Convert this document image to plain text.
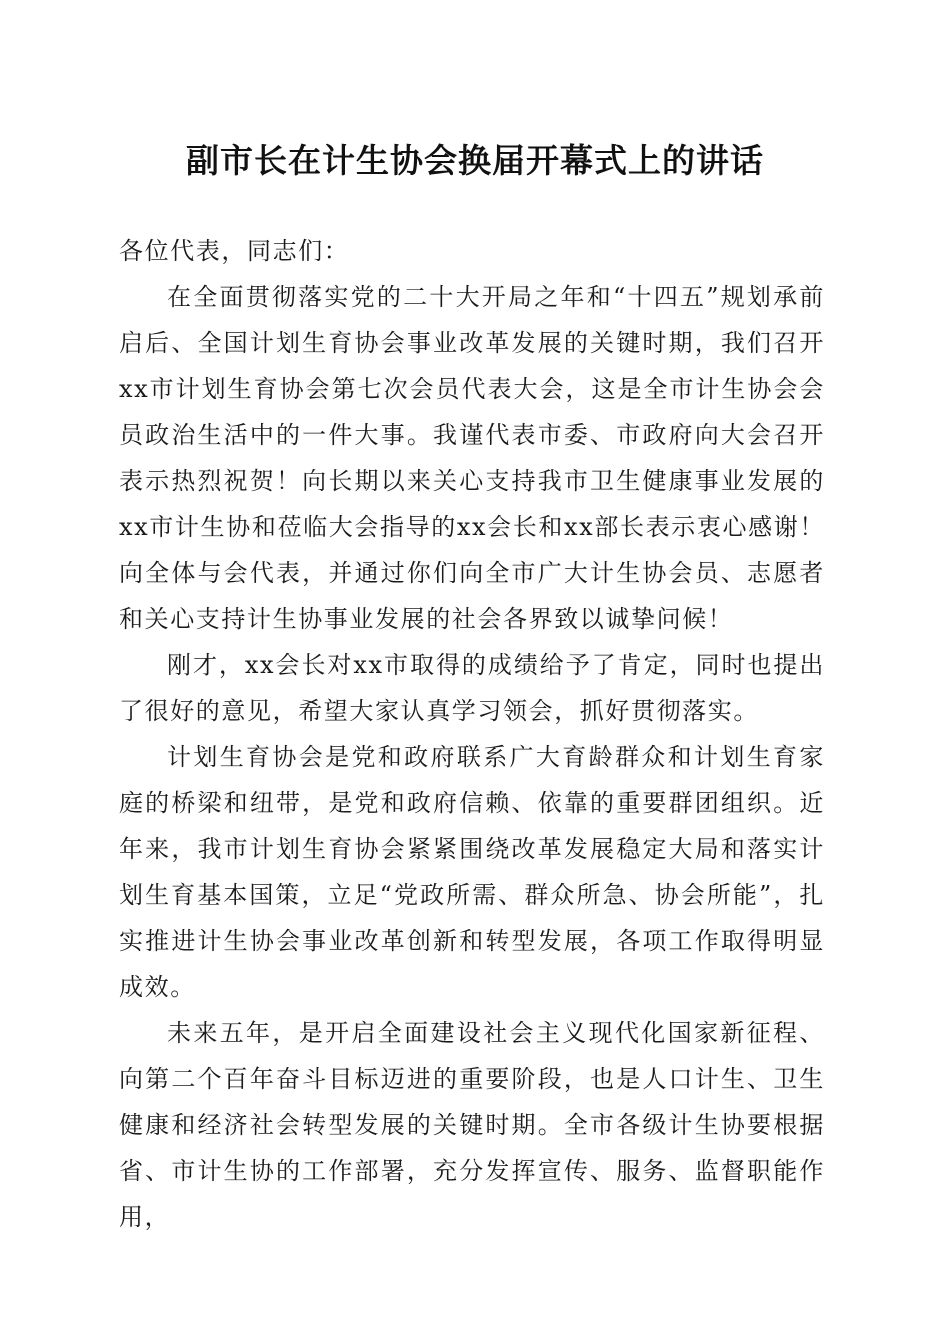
副市长在计生协会换届开幕式上的讲话

各位代表，同志们：

在全面贯彻落实党的二十大开局之年和“十四五”规划承前启后、全国计划生育协会事业改革发展的关键时期，我们召开xx市计划生育协会第七次会员代表大会，这是全市计生协会会员政治生活中的一件大事。我谨代表市委、市政府向大会召开表示热烈祝贺！向长期以来关心支持我市卫生健康事业发展的xx市计生协和莅临大会指导的xx会长和xx部长表示衷心感谢！向全体与会代表，并通过你们向全市广大计生协会员、志愿者和关心支持计生协事业发展的社会各界致以诚挚问候！

刚才，xx会长对xx市取得的成绩给予了肯定，同时也提出了很好的意见，希望大家认真学习领会，抓好贯彻落实。

计划生育协会是党和政府联系广大育龄群众和计划生育家庭的桥梁和纽带，是党和政府信赖、依靠的重要群团组织。近年来，我市计划生育协会紧紧围绕改革发展稳定大局和落实计划生育基本国策，立足“党政所需、群众所急、协会所能”，扎实推进计生协会事业改革创新和转型发展，各项工作取得明显成效。

未来五年，是开启全面建设社会主义现代化国家新征程、向第二个百年奋斗目标迈进的重要阶段，也是人口计生、卫生健康和经济社会转型发展的关键时期。全市各级计生协要根据省、市计生协的工作部署，充分发挥宣传、服务、监督职能作用，
